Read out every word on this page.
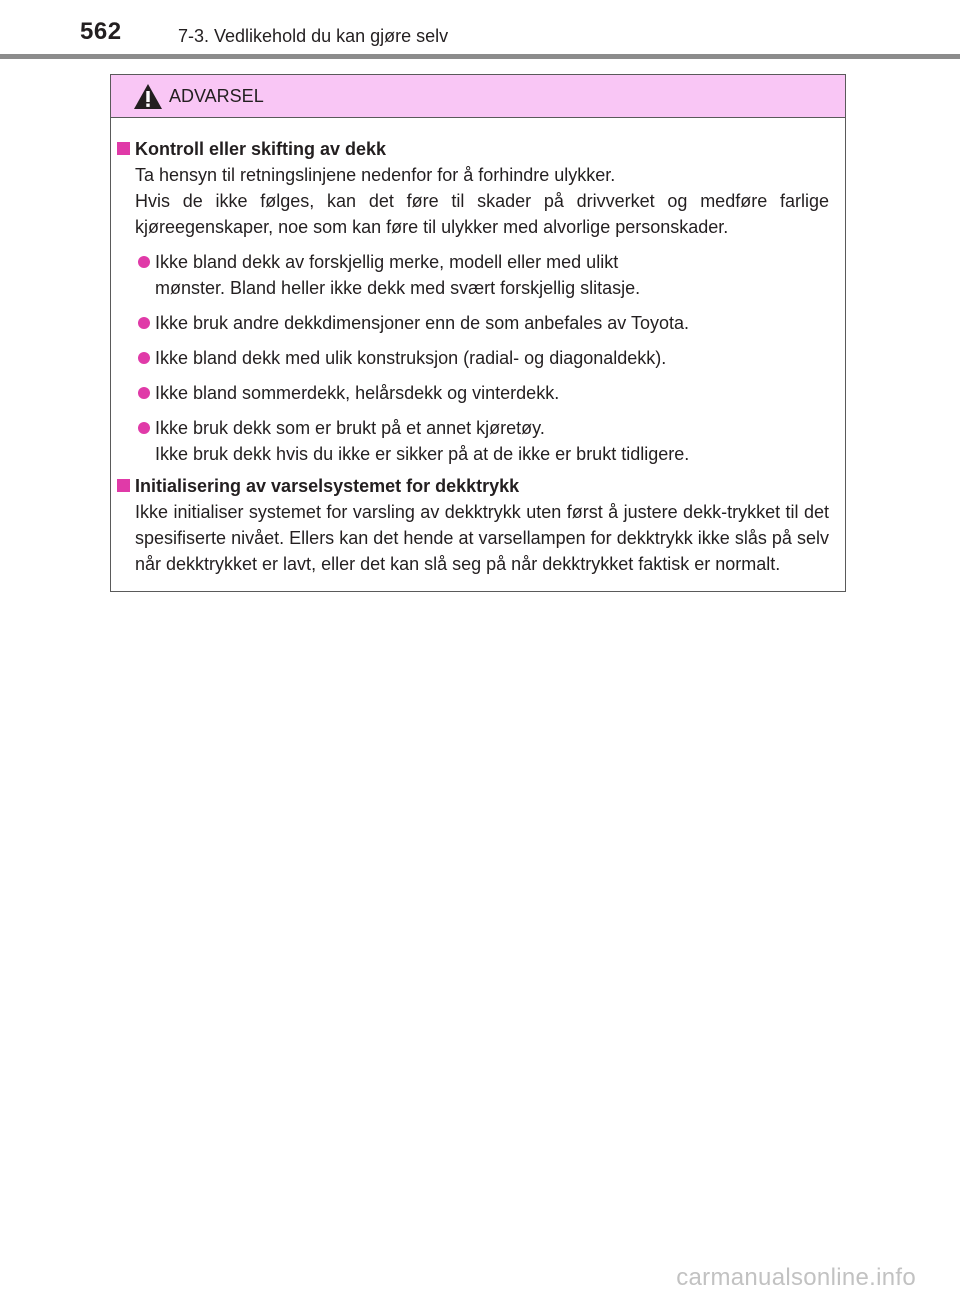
562	7-3. Vedlikehold du kan gjøre selv
ADVARSEL
Kontroll eller skifting av dekk
Ta hensyn til retningslinjene nedenfor for å forhindre ulykker.
Hvis de ikke følges, kan det føre til skader på drivverket og medføre farlige kjøreegenskaper, noe som kan føre til ulykker med alvorlige personskader.
Ikke bland dekk av forskjellig merke, modell eller med ulikt
mønster. Bland heller ikke dekk med svært forskjellig slitasje.
Ikke bruk andre dekkdimensjoner enn de som anbefales av Toyota.
Ikke bland dekk med ulik konstruksjon (radial- og diagonaldekk).
Ikke bland sommerdekk, helårsdekk og vinterdekk.
Ikke bruk dekk som er brukt på et annet kjøretøy.
Ikke bruk dekk hvis du ikke er sikker på at de ikke er brukt tidligere.
Initialisering av varselsystemet for dekktrykk
Ikke initialiser systemet for varsling av dekktrykk uten først å justere dekk-trykket til det spesifiserte nivået. Ellers kan det hende at varsellampen for dekktrykk ikke slås på selv når dekktrykket er lavt, eller det kan slå seg på når dekktrykket faktisk er normalt.
carmanualsonline.info
